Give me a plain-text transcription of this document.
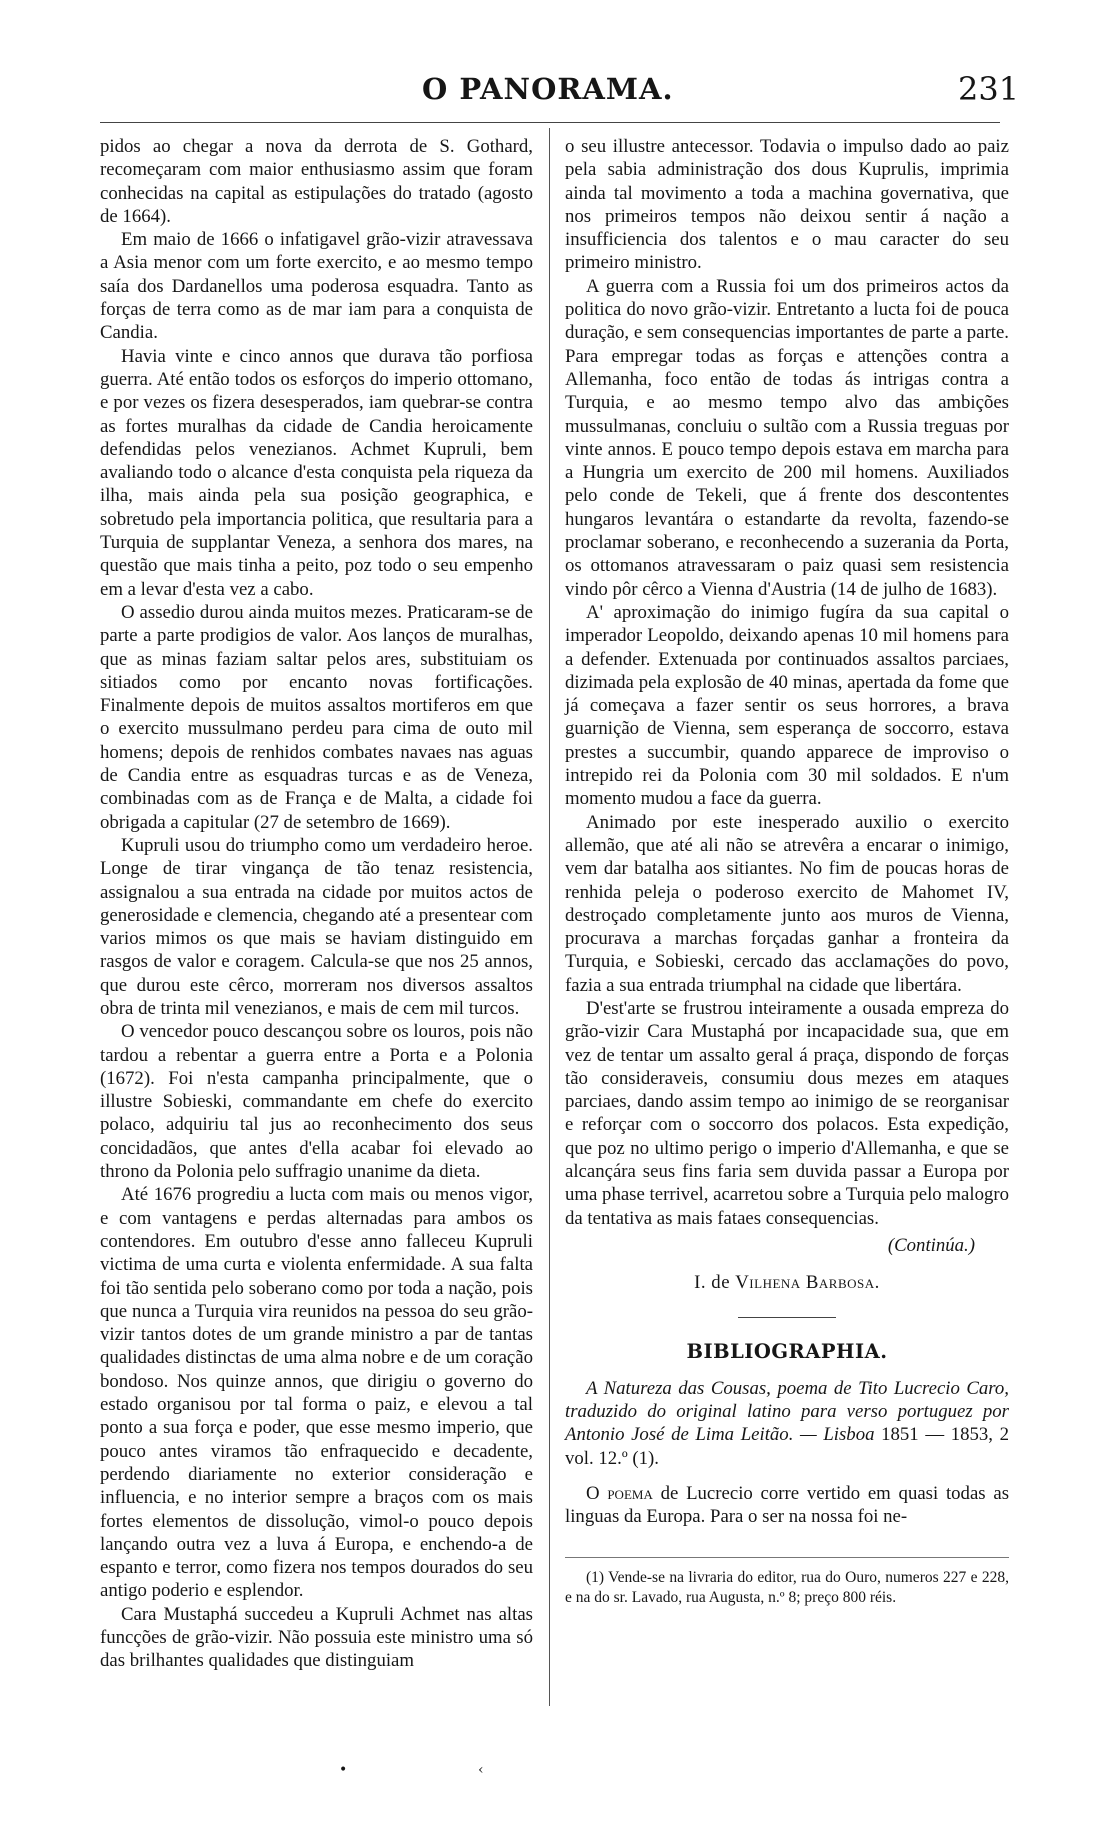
O PANORAMA.	231

pidos ao chegar a nova da derrota de S. Gothard, recomeçaram com maior enthusiasmo assim que foram conhecidas na capital as estipulações do tratado (agosto de 1664).

Em maio de 1666 o infatigavel grão-vizir atravessava a Asia menor com um forte exercito, e ao mesmo tempo saía dos Dardanellos uma poderosa esquadra. Tanto as forças de terra como as de mar iam para a conquista de Candia.

Havia vinte e cinco annos que durava tão porfiosa guerra. Até então todos os esforços do imperio ottomano, e por vezes os fizera desesperados, iam quebrar-se contra as fortes muralhas da cidade de Candia heroicamente defendidas pelos venezianos. Achmet Kupruli, bem avaliando todo o alcance d'esta conquista pela riqueza da ilha, mais ainda pela sua posição geographica, e sobretudo pela importancia politica, que resultaria para a Turquia de supplantar Veneza, a senhora dos mares, na questão que mais tinha a peito, poz todo o seu empenho em a levar d'esta vez a cabo.

O assedio durou ainda muitos mezes. Praticaram-se de parte a parte prodigios de valor. Aos lanços de muralhas, que as minas faziam saltar pelos ares, substituiam os sitiados como por encanto novas fortificações. Finalmente depois de muitos assaltos mortiferos em que o exercito mussulmano perdeu para cima de outo mil homens; depois de renhidos combates navaes nas aguas de Candia entre as esquadras turcas e as de Veneza, combinadas com as de França e de Malta, a cidade foi obrigada a capitular (27 de setembro de 1669).

Kupruli usou do triumpho como um verdadeiro heroe. Longe de tirar vingança de tão tenaz resistencia, assignalou a sua entrada na cidade por muitos actos de generosidade e clemencia, chegando até a presentear com varios mimos os que mais se haviam distinguido em rasgos de valor e coragem. Calcula-se que nos 25 annos, que durou este cêrco, morreram nos diversos assaltos obra de trinta mil venezianos, e mais de cem mil turcos.

O vencedor pouco descançou sobre os louros, pois não tardou a rebentar a guerra entre a Porta e a Polonia (1672). Foi n'esta campanha principalmente, que o illustre Sobieski, commandante em chefe do exercito polaco, adquiriu tal jus ao reconhecimento dos seus concidadãos, que antes d'ella acabar foi elevado ao throno da Polonia pelo suffragio unanime da dieta.

Até 1676 progrediu a lucta com mais ou menos vigor, e com vantagens e perdas alternadas para ambos os contendores. Em outubro d'esse anno falleceu Kupruli victima de uma curta e violenta enfermidade. A sua falta foi tão sentida pelo soberano como por toda a nação, pois que nunca a Turquia vira reunidos na pessoa do seu grão-vizir tantos dotes de um grande ministro a par de tantas qualidades distinctas de uma alma nobre e de um coração bondoso. Nos quinze annos, que dirigiu o governo do estado organisou por tal forma o paiz, e elevou a tal ponto a sua força e poder, que esse mesmo imperio, que pouco antes viramos tão enfraquecido e decadente, perdendo diariamente no exterior consideração e influencia, e no interior sempre a braços com os mais fortes elementos de dissolução, vimol-o pouco depois lançando outra vez a luva á Europa, e enchendo-a de espanto e terror, como fizera nos tempos dourados do seu antigo poderio e esplendor.

Cara Mustaphá succedeu a Kupruli Achmet nas altas funcções de grão-vizir. Não possuia este ministro uma só das brilhantes qualidades que distinguiam

o seu illustre antecessor. Todavia o impulso dado ao paiz pela sabia administração dos dous Kuprulis, imprimia ainda tal movimento a toda a machina governativa, que nos primeiros tempos não deixou sentir á nação a insufficiencia dos talentos e o mau caracter do seu primeiro ministro.

A guerra com a Russia foi um dos primeiros actos da politica do novo grão-vizir. Entretanto a lucta foi de pouca duração, e sem consequencias importantes de parte a parte. Para empregar todas as forças e attenções contra a Allemanha, foco então de todas ás intrigas contra a Turquia, e ao mesmo tempo alvo das ambições mussulmanas, concluiu o sultão com a Russia treguas por vinte annos. E pouco tempo depois estava em marcha para a Hungria um exercito de 200 mil homens. Auxiliados pelo conde de Tekeli, que á frente dos descontentes hungaros levantára o estandarte da revolta, fazendo-se proclamar soberano, e reconhecendo a suzerania da Porta, os ottomanos atravessaram o paiz quasi sem resistencia vindo pôr cêrco a Vienna d'Austria (14 de julho de 1683).

A' aproximação do inimigo fugíra da sua capital o imperador Leopoldo, deixando apenas 10 mil homens para a defender. Extenuada por continuados assaltos parciaes, dizimada pela explosão de 40 minas, apertada da fome que já começava a fazer sentir os seus horrores, a brava guarnição de Vienna, sem esperança de soccorro, estava prestes a succumbir, quando apparece de improviso o intrepido rei da Polonia com 30 mil soldados. E n'um momento mudou a face da guerra.

Animado por este inesperado auxilio o exercito allemão, que até ali não se atrevêra a encarar o inimigo, vem dar batalha aos sitiantes. No fim de poucas horas de renhida peleja o poderoso exercito de Mahomet IV, destroçado completamente junto aos muros de Vienna, procurava a marchas forçadas ganhar a fronteira da Turquia, e Sobieski, cercado das acclamações do povo, fazia a sua entrada triumphal na cidade que libertára.

D'est'arte se frustrou inteiramente a ousada empreza do grão-vizir Cara Mustaphá por incapacidade sua, que em vez de tentar um assalto geral á praça, dispondo de forças tão consideraveis, consumiu dous mezes em ataques parciaes, dando assim tempo ao inimigo de se reorganisar e reforçar com o soccorro dos polacos. Esta expedição, que poz no ultimo perigo o imperio d'Allemanha, e que se alcançára seus fins faria sem duvida passar a Europa por uma phase terrivel, acarretou sobre a Turquia pelo malogro da tentativa as mais fataes consequencias.

(Continúa.)
I. de Vilhena Barbosa.
BIBLIOGRAPHIA.

A Natureza das Cousas, poema de Tito Lucrecio Caro, traduzido do original latino para verso portuguez por Antonio José de Lima Leitão. — Lisboa 1851 — 1853, 2 vol. 12.º (1).

O poema de Lucrecio corre vertido em quasi todas as linguas da Europa. Para o ser na nossa foi ne-

(1) Vende-se na livraria do editor, rua do Ouro, numeros 227 e 228, e na do sr. Lavado, rua Augusta, n.º 8; preço 800 réis.

•	‹
